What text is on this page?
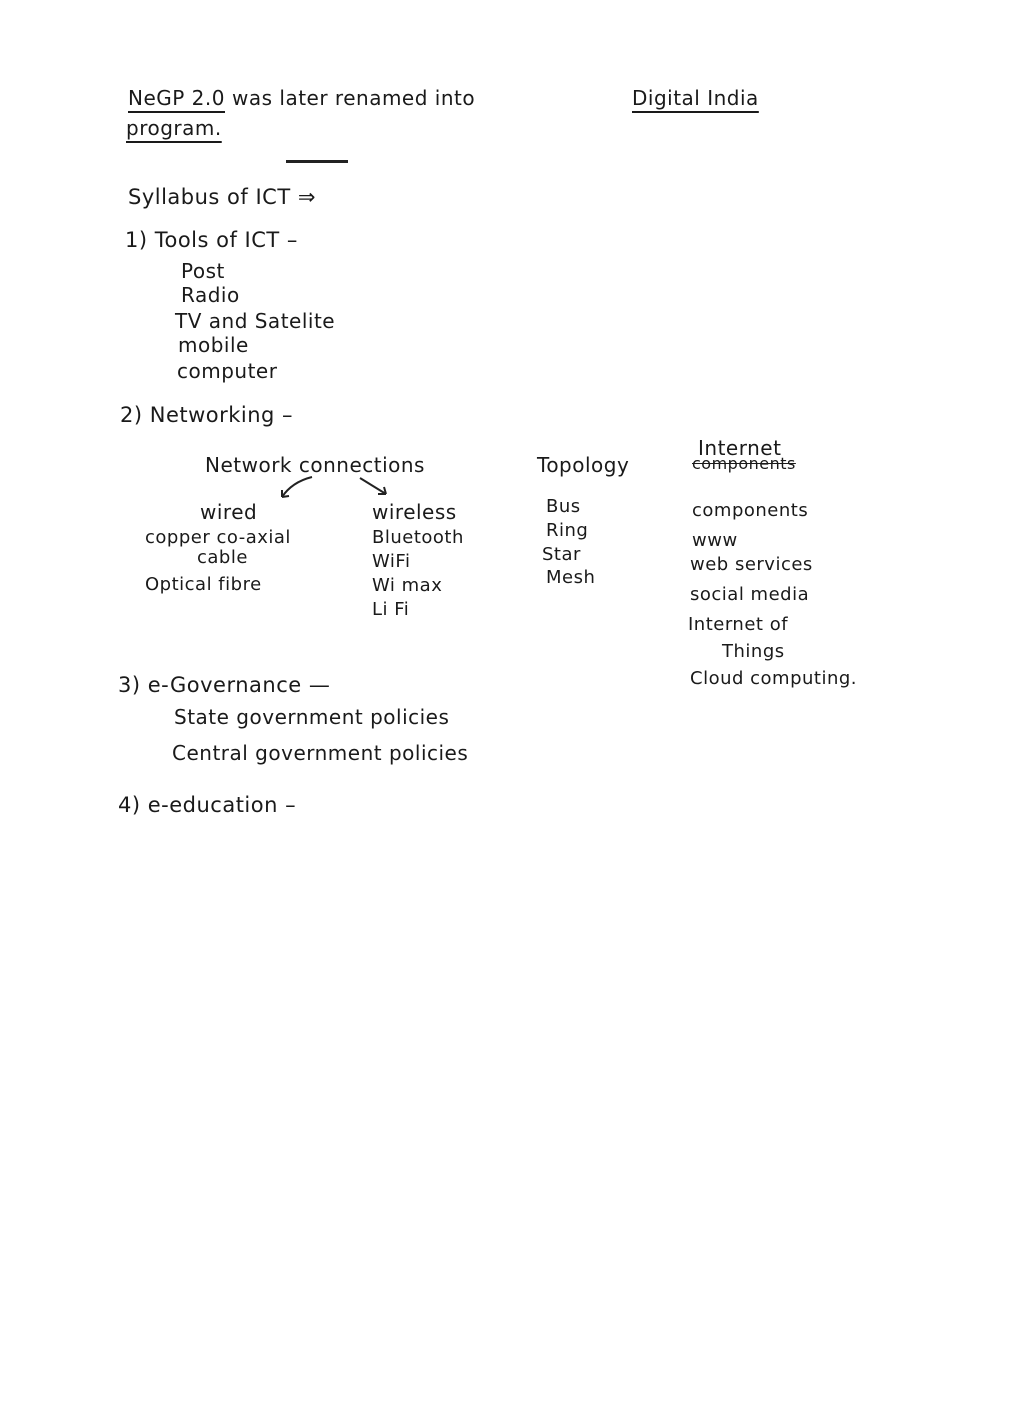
NeGP 2.0 was later renamed into	Digital India
program.
Syllabus of ICT ⇒
1) Tools of ICT –
Post
Radio
TV and Satelite
mobile
computer
2) Networking –
Network connections
wired
copper co-axial
cable
Optical fibre
wireless
Bluetooth
WiFi
Wi max
Li Fi
Topology
Bus
Ring
Star
Mesh
Internet
components
components
www
web services
social media
Internet of
Things
Cloud computing.
3) e-Governance —
State government policies
Central government policies
4) e-education –
